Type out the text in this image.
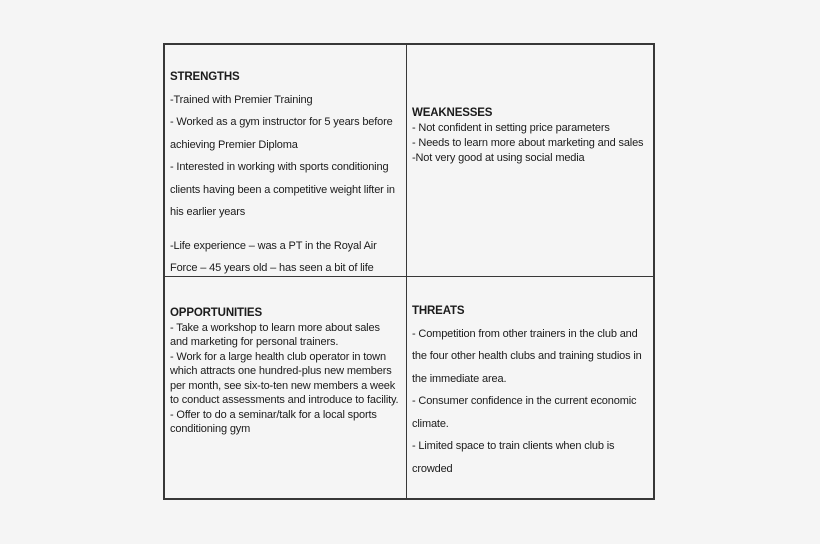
STRENGTHS

-Trained with Premier Training

- Worked as a gym instructor for 5 years before achieving Premier Diploma

- Interested in working with sports conditioning clients having been a competitive weight lifter in his earlier years

-Life experience – was a PT in the Royal Air Force – 45 years old – has seen a bit of life

WEAKNESSES

- Not confident in setting price parameters

- Needs to learn more about marketing and sales

-Not very good at using social media

OPPORTUNITIES

- Take a workshop to learn more about sales and marketing for personal trainers.

- Work for a large health club operator in town which attracts one hundred-plus new members per month, see six-to-ten new members a week to conduct assessments and introduce to facility.

- Offer to do a seminar/talk for a local sports conditioning gym

THREATS

- Competition from other trainers in the club and the four other health clubs and training studios in the immediate area.

- Consumer confidence in the current economic climate.

- Limited space to train clients when club is crowded
